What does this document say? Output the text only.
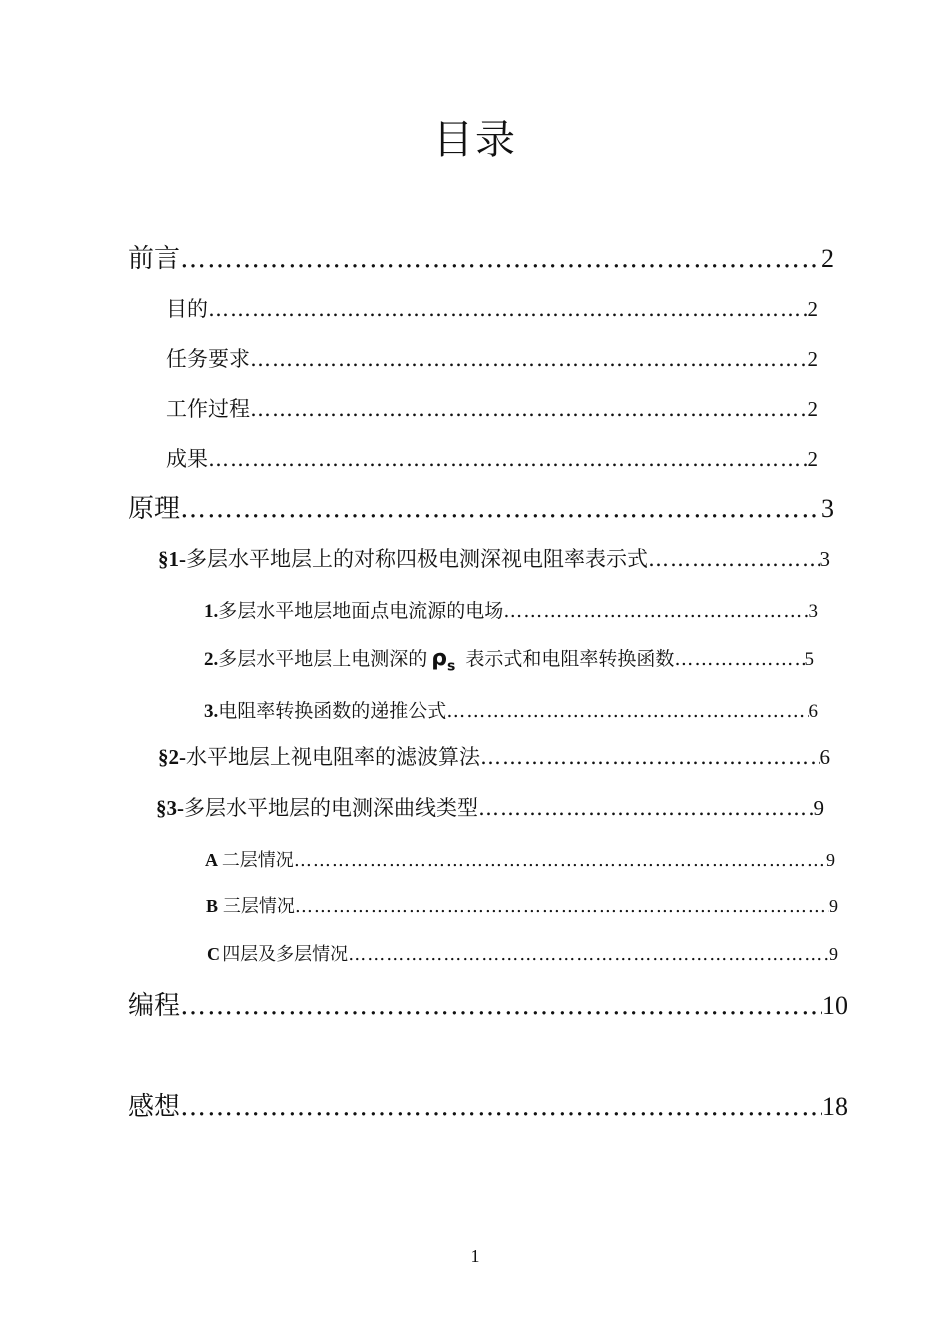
目录
前言 ………………………………………………………………………………………………………………………………………………………………	2
目的 ………………………………………………………………………………………………………………………………………………………………	2
任务要求 ………………………………………………………………………………………………………………………………………………………………	2
工作过程 ………………………………………………………………………………………………………………………………………………………………	2
成果 ………………………………………………………………………………………………………………………………………………………………	2
原理 ………………………………………………………………………………………………………………………………………………………………	3
§1- 多层水平地层上的对称四极电测深视电阻率表示式 ………………………………………………………………………………………………………………………………………………………………	3
1. 多层水平地层地面点电流源的电场 ………………………………………………………………………………………………………………………………………………………………	3
2. 多层水平地层上电测深的 $\rho_s$ 表示式和电阻率转换函数 ………………………………………………………………………………………………………………………………………………………………	5
3. 电阻率转换函数的递推公式 ………………………………………………………………………………………………………………………………………………………………	6
§2- 水平地层上视电阻率的滤波算法 ………………………………………………………………………………………………………………………………………………………………	6
§3- 多层水平地层的电测深曲线类型 ………………………………………………………………………………………………………………………………………………………………	9
A 二层情况 ………………………………………………………………………………………………………………………………………………………………	9
B 三层情况 ………………………………………………………………………………………………………………………………………………………………	9
C 四层及多层情况 ………………………………………………………………………………………………………………………………………………………………	9
编程 ………………………………………………………………………………………………………………………………………………………………	10
感想 ………………………………………………………………………………………………………………………………………………………………	18
1
